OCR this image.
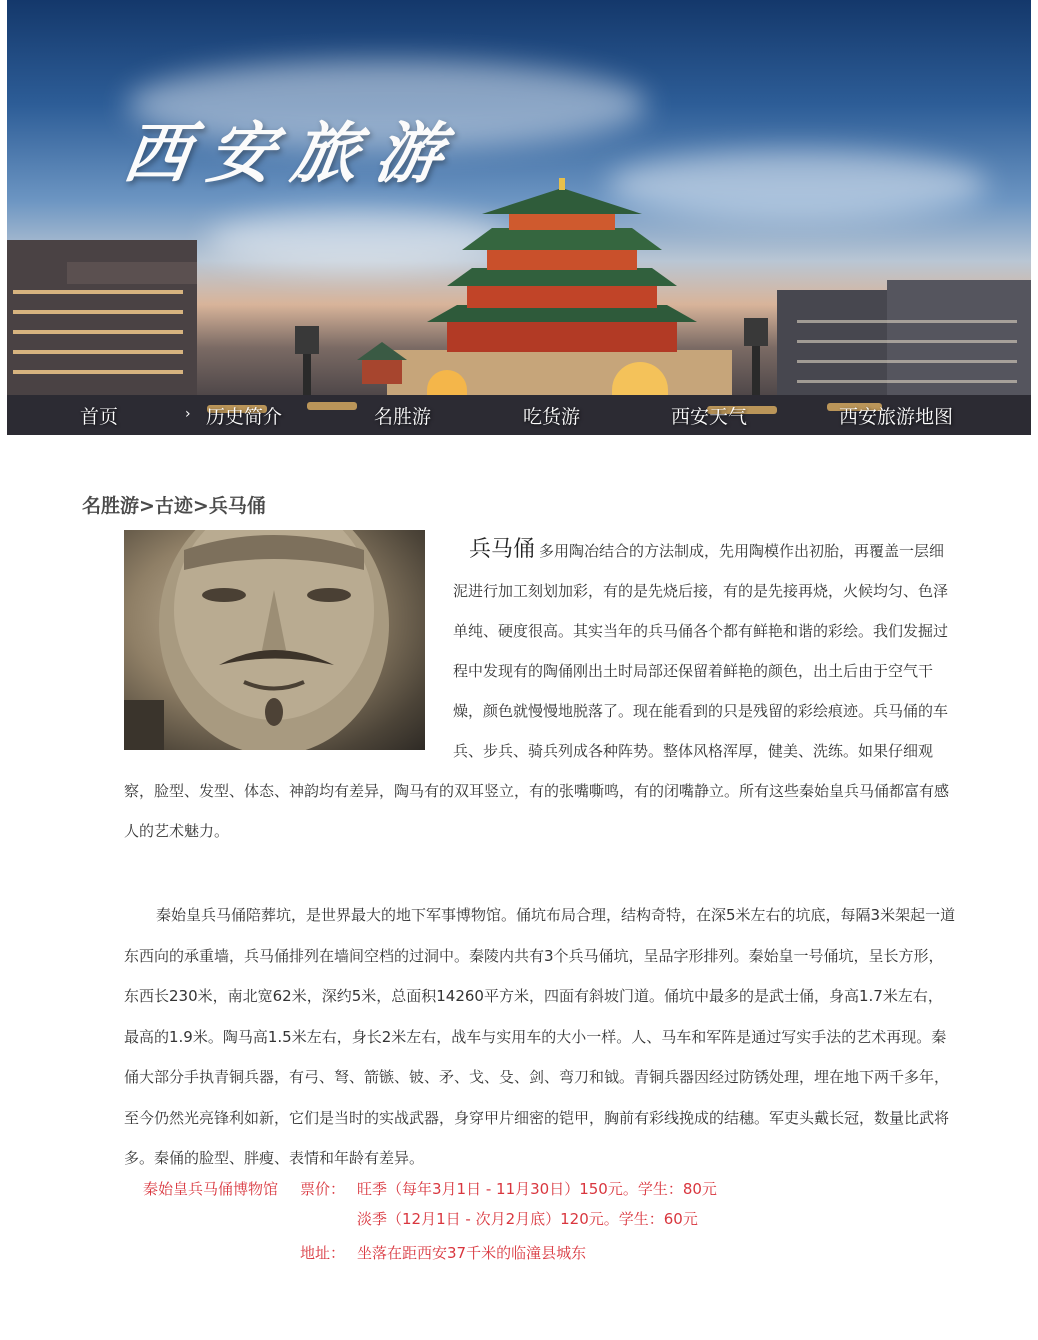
西安旅游
首页	› 历史简介	名胜游	吃货游	西安天气	西安旅游地图
名胜游>古迹>兵马俑

兵马俑 多用陶冶结合的方法制成，先用陶模作出初胎，再覆盖一层细泥进行加工刻划加彩，有的是先烧后接，有的是先接再烧，火候均匀、色泽单纯、硬度很高。其实当年的兵马俑各个都有鲜艳和谐的彩绘。我们发掘过程中发现有的陶俑刚出土时局部还保留着鲜艳的颜色，出土后由于空气干燥，颜色就慢慢地脱落了。现在能看到的只是残留的彩绘痕迹。兵马俑的车兵、步兵、骑兵列成各种阵势。整体风格浑厚，健美、洗练。如果仔细观察，脸型、发型、体态、神韵均有差异，陶马有的双耳竖立，有的张嘴嘶鸣，有的闭嘴静立。所有这些秦始皇兵马俑都富有感人的艺术魅力。

秦始皇兵马俑陪葬坑，是世界最大的地下军事博物馆。俑坑布局合理，结构奇特，在深5米左右的坑底，每隔3米架起一道东西向的承重墙，兵马俑排列在墙间空档的过洞中。秦陵内共有3个兵马俑坑，呈品字形排列。秦始皇一号俑坑，呈长方形，东西长230米，南北宽62米，深约5米，总面积14260平方米，四面有斜坡门道。俑坑中最多的是武士俑，身高1.7米左右，最高的1.9米。陶马高1.5米左右，身长2米左右，战车与实用车的大小一样。人、马车和军阵是通过写实手法的艺术再现。秦俑大部分手执青铜兵器，有弓、弩、箭镞、铍、矛、戈、殳、剑、弯刀和钺。青铜兵器因经过防锈处理，埋在地下两千多年，至今仍然光亮锋利如新，它们是当时的实战武器，身穿甲片细密的铠甲，胸前有彩线挽成的结穗。军吏头戴长冠，数量比武将多。秦俑的脸型、胖瘦、表情和年龄有差异。

秦始皇兵马俑博物馆 票价： 旺季（每年3月1日 - 11月30日）150元。学生：80元
淡季（12月1日 - 次月2月底）120元。学生：60元
地址： 坐落在距西安37千米的临潼县城东
